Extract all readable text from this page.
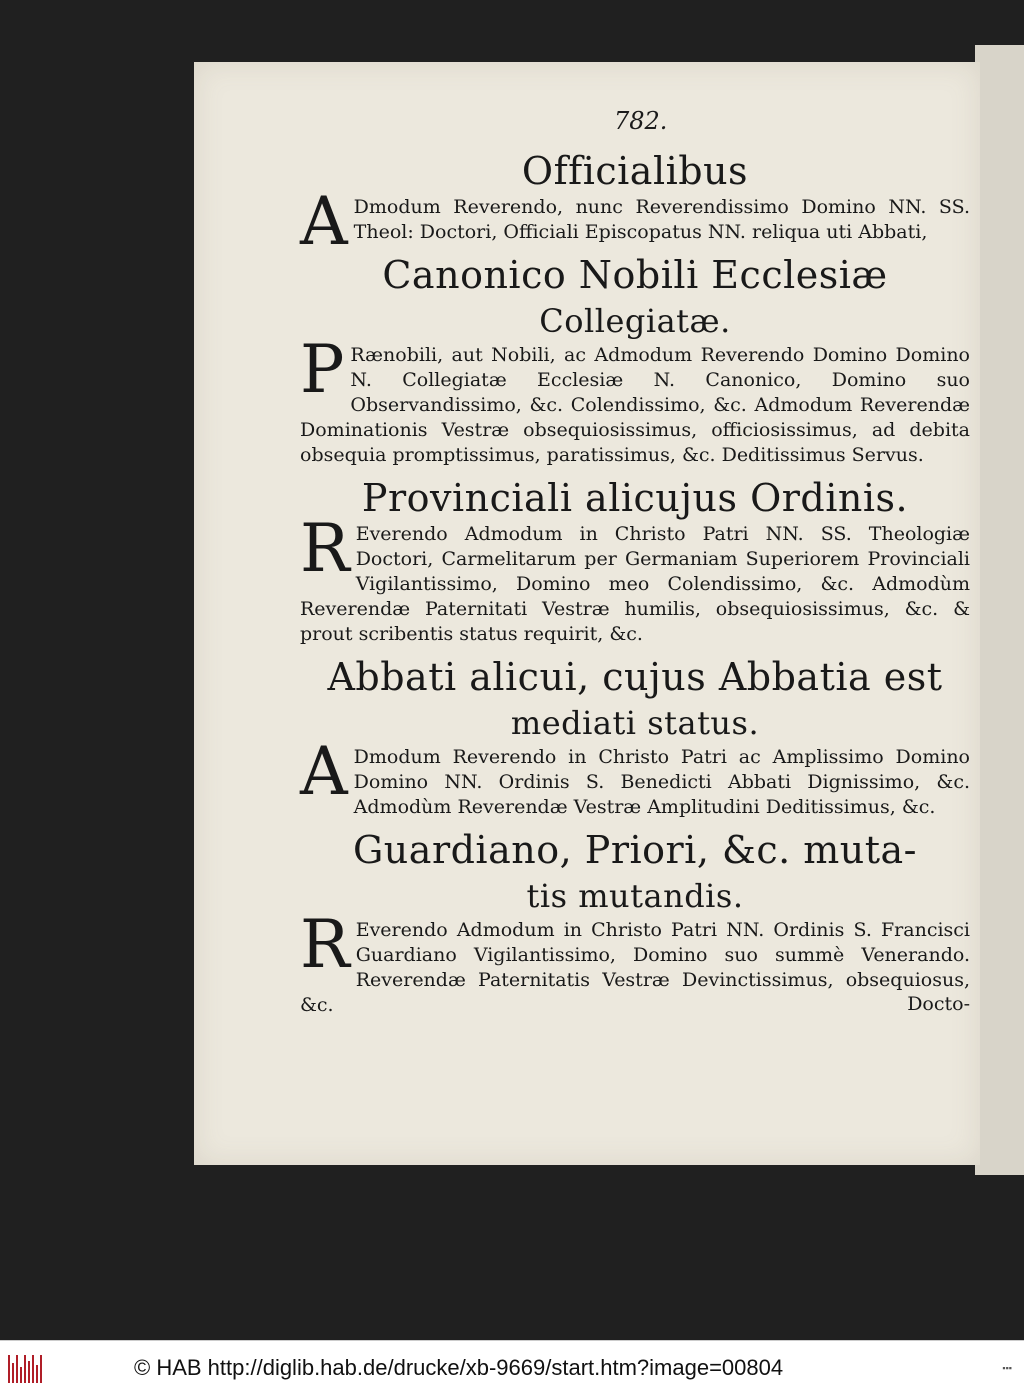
782.
Officialibus

A Dmodum Reverendo, nunc Reverendissimo Domino NN. SS. Theol: Doctori, Officiali Episcopatus NN. reliqua uti Abbati,

Canonico Nobili Ecclesiæ
Collegiatæ.

P Rænobili, aut Nobili, ac Admodum Reverendo Domino Domino N. Collegiatæ Ecclesiæ N. Canonico, Domino suo Observandissimo, &c. Colendissimo, &c. Admodum Reverendæ Dominationis Vestræ obsequiosissimus, officiosissimus, ad debita obsequia promptissimus, paratissimus, &c. Deditissimus Servus.

Provinciali alicujus Ordinis.

R Everendo Admodum in Christo Patri NN. SS. Theologiæ Doctori, Carmelitarum per Germaniam Superiorem Provinciali Vigilantissimo, Domino meo Colendissimo, &c. Admodùm Reverendæ Paternitati Vestræ humilis, obsequiosissimus, &c. & prout scribentis status requirit, &c.

Abbati alicui, cujus Abbatia est
mediati status.

A Dmodum Reverendo in Christo Patri ac Amplissimo Domino Domino NN. Ordinis S. Benedicti Abbati Dignissimo, &c. Admodùm Reverendæ Vestræ Amplitudini Deditissimus, &c.

Guardiano, Priori, &c. muta-
tis mutandis.

R Everendo Admodum in Christo Patri NN. Ordinis S. Francisci Guardiano Vigilantissimo, Domino suo summè Venerando. Reverendæ Paternitatis Vestræ Devinctissimus, obsequiosus, &c.	Docto-
© HAB http://diglib.hab.de/drucke/xb-9669/start.htm?image=00804	▪▪▪
